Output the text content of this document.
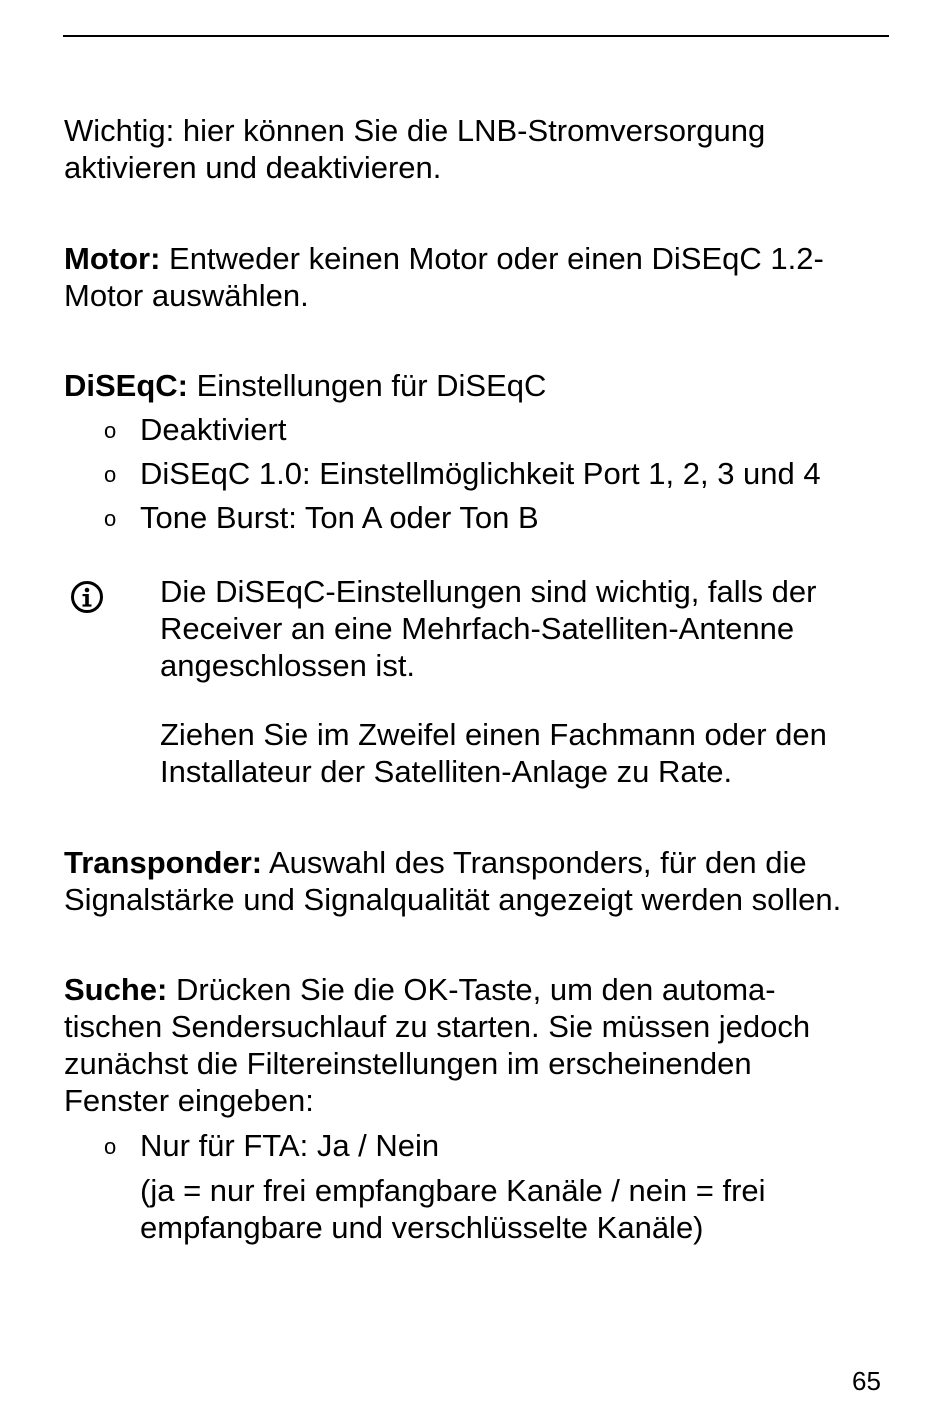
Wichtig: hier können Sie die LNB-Stromversorgung
aktivieren und deaktivieren.

Motor: Entweder keinen Motor oder einen DiSEqC 1.2-
Motor auswählen.

DiSEqC: Einstellungen für DiSEqC

o Deaktiviert
o DiSEqC 1.0: Einstellmöglichkeit Port 1, 2, 3 und 4
o Tone Burst: Ton A oder Ton B

Die DiSEqC-Einstellungen sind wichtig, falls der
Receiver an eine Mehrfach-Satelliten-Antenne
angeschlossen ist.

Ziehen Sie im Zweifel einen Fachmann oder den
Installateur der Satelliten-Anlage zu Rate.

Transponder: Auswahl des Transponders, für den die
Signalstärke und Signalqualität angezeigt werden sollen.

Suche: Drücken Sie die OK-Taste, um den automa-
tischen Sendersuchlauf zu starten. Sie müssen jedoch
zunächst die Filtereinstellungen im erscheinenden
Fenster eingeben:

o Nur für FTA: Ja / Nein

(ja = nur frei empfangbare Kanäle / nein = frei
empfangbare und verschlüsselte Kanäle)

65
